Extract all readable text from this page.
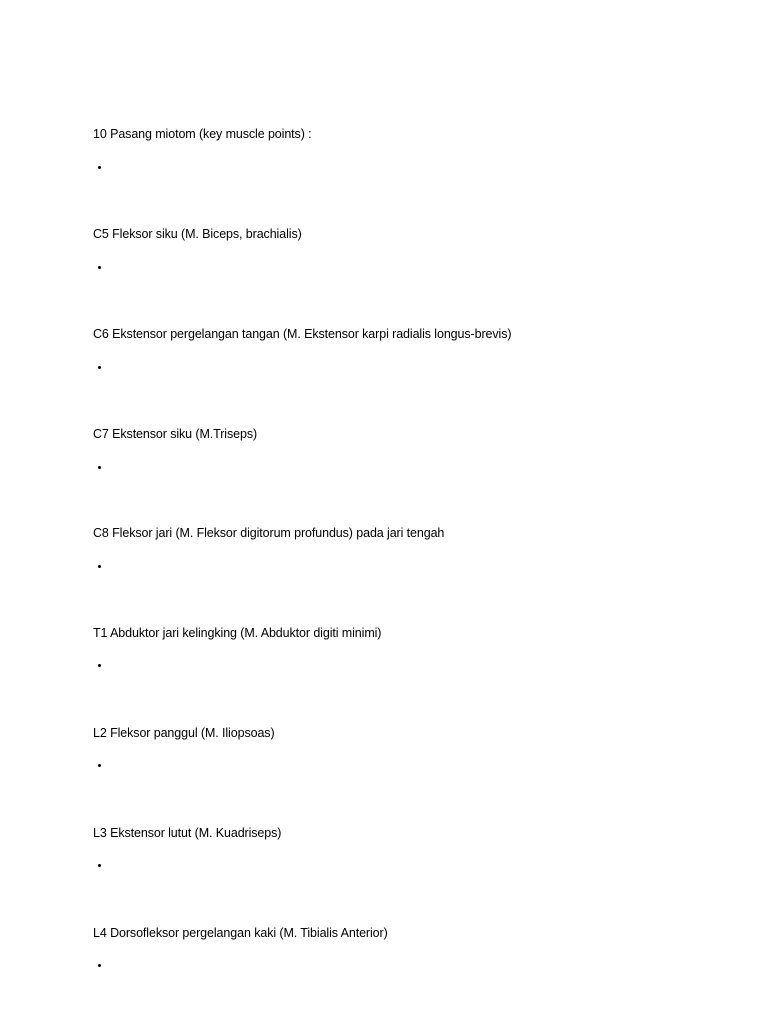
10 Pasang miotom (key muscle points) :
C5 Fleksor siku (M. Biceps, brachialis)
C6 Ekstensor pergelangan tangan (M. Ekstensor karpi radialis longus-brevis)
C7 Ekstensor siku (M.Triseps)
C8 Fleksor jari (M. Fleksor digitorum profundus) pada jari tengah
T1 Abduktor jari kelingking (M. Abduktor digiti minimi)
L2 Fleksor panggul (M. Iliopsoas)
L3 Ekstensor lutut (M. Kuadriseps)
L4 Dorsofleksor pergelangan kaki (M. Tibialis Anterior)
